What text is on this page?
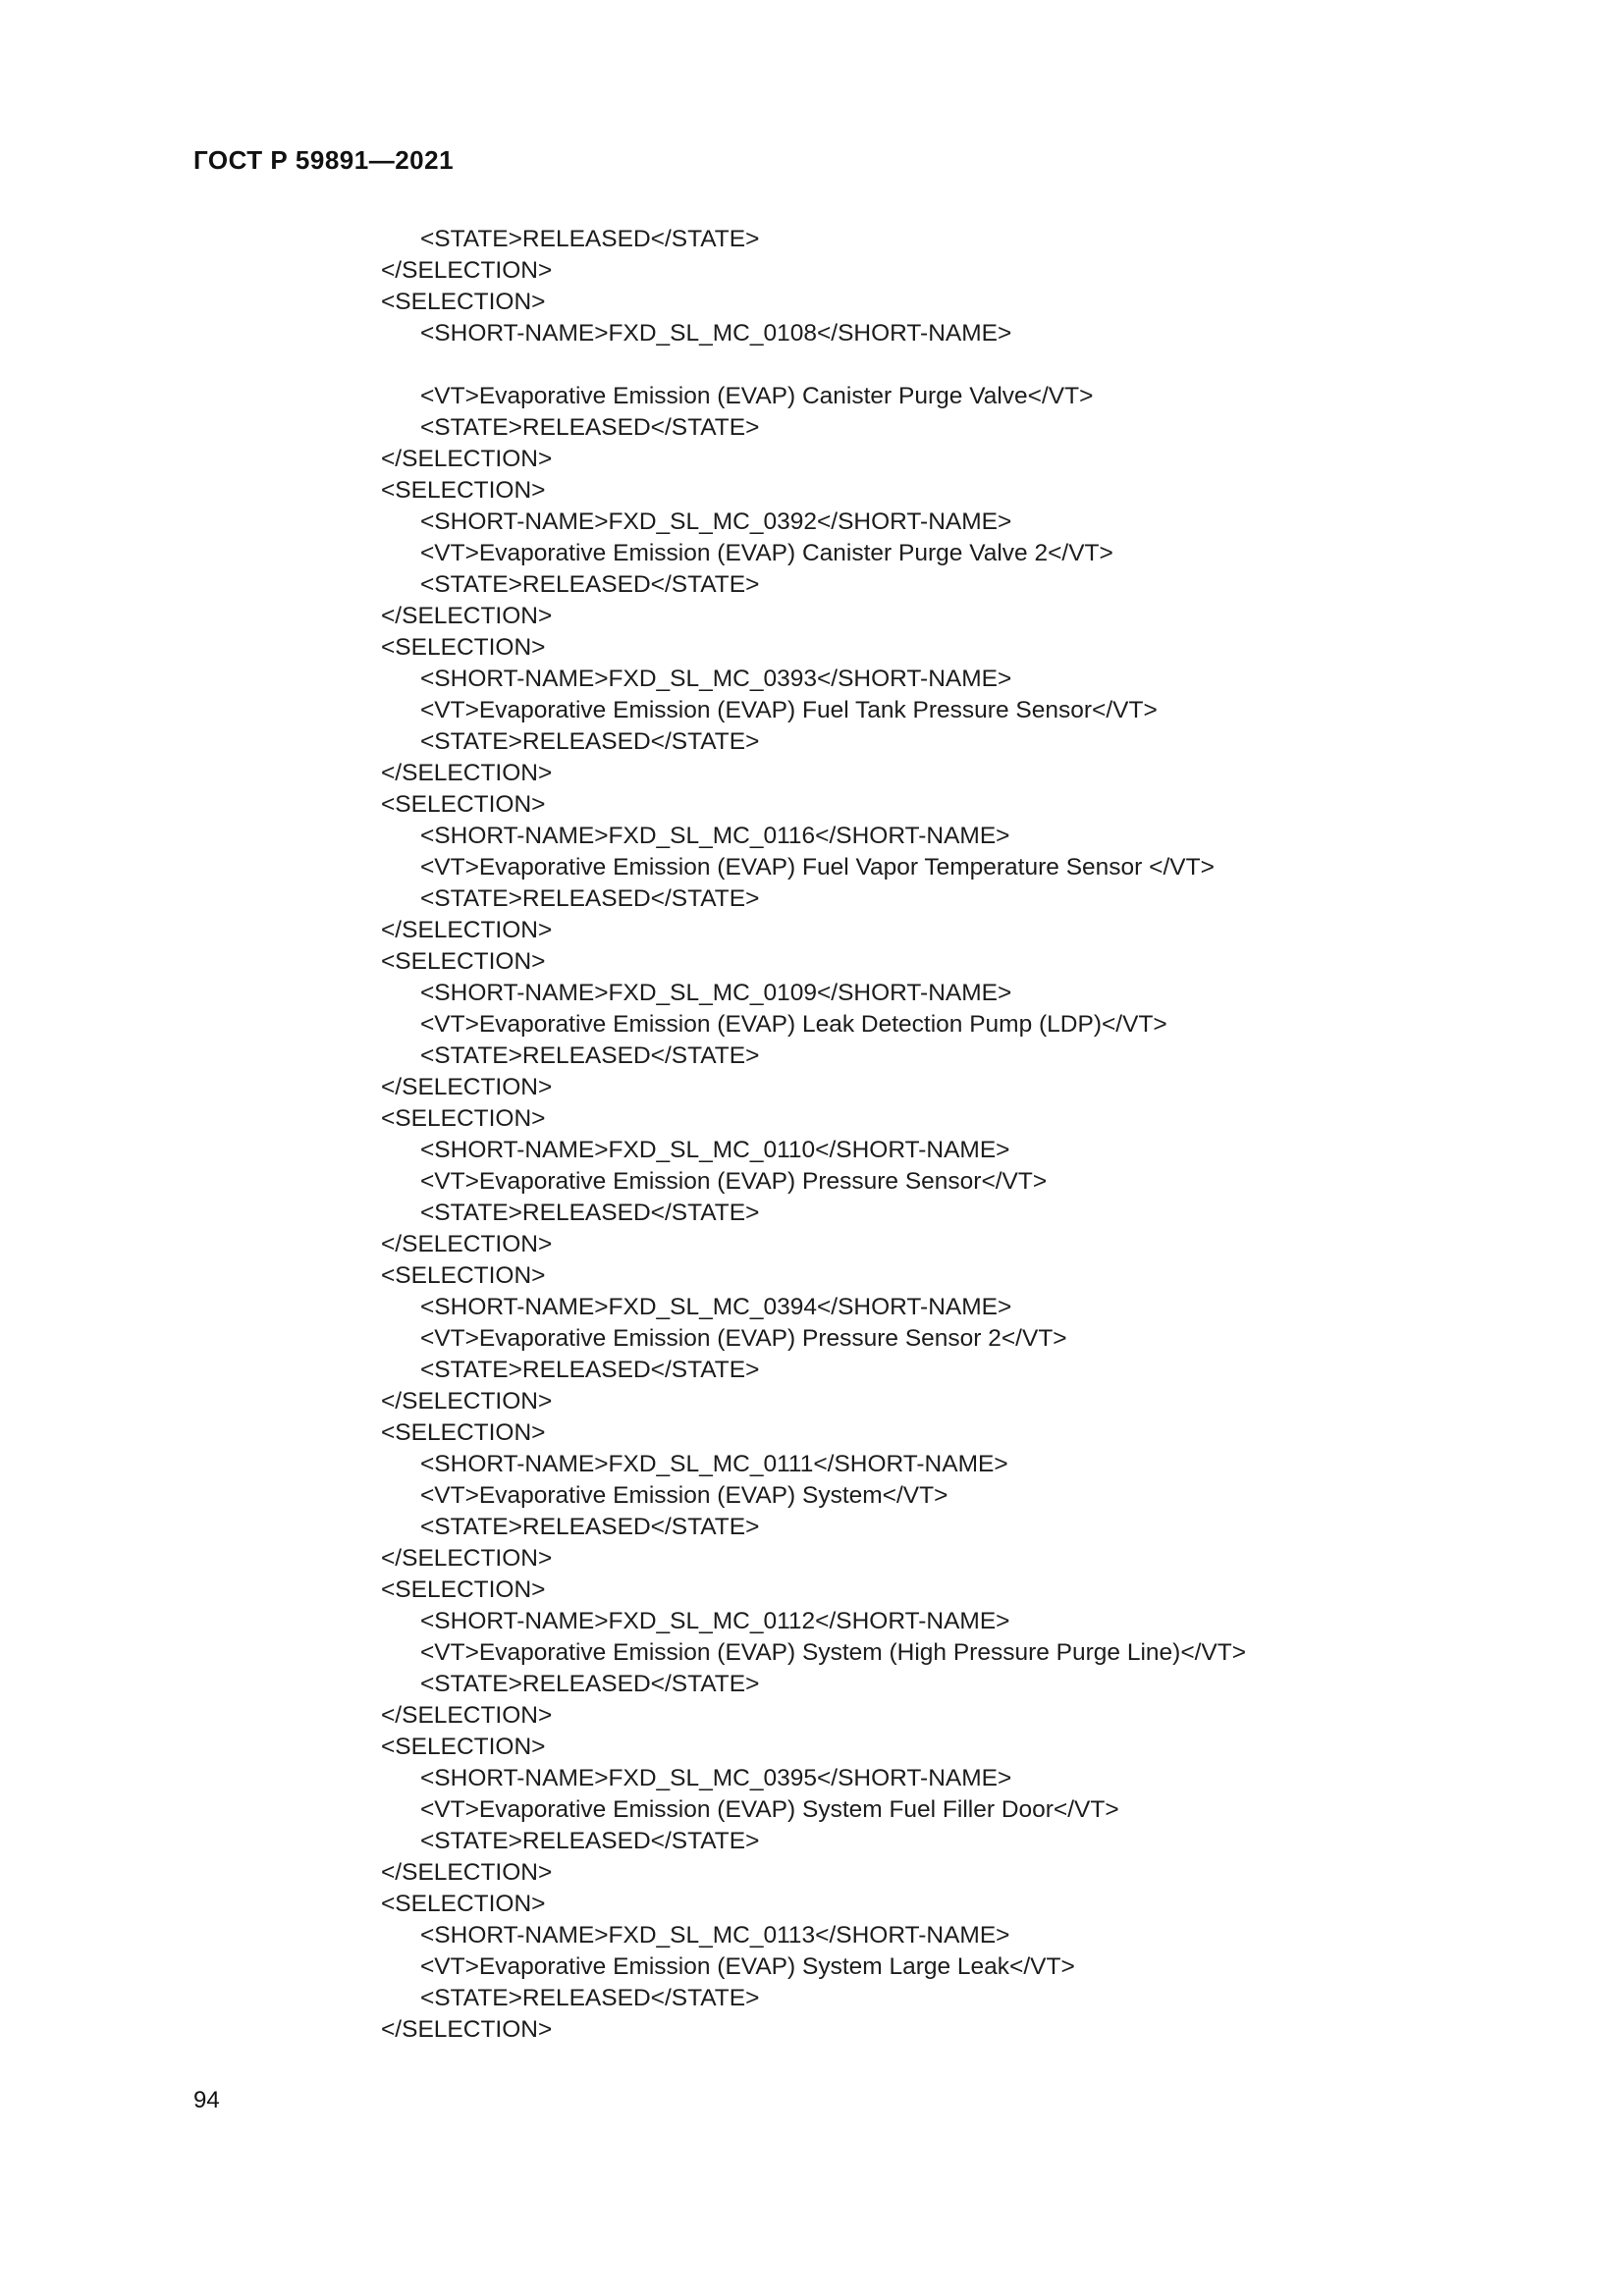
ГОСТ Р 59891—2021
<STATE>RELEASED</STATE>
</SELECTION>
<SELECTION>
<SHORT-NAME>FXD_SL_MC_0108</SHORT-NAME>
<VT>Evaporative Emission (EVAP) Canister Purge Valve</VT>
<STATE>RELEASED</STATE>
</SELECTION>
<SELECTION>
<SHORT-NAME>FXD_SL_MC_0392</SHORT-NAME>
<VT>Evaporative Emission (EVAP) Canister Purge Valve 2</VT>
<STATE>RELEASED</STATE>
</SELECTION>
<SELECTION>
<SHORT-NAME>FXD_SL_MC_0393</SHORT-NAME>
<VT>Evaporative Emission (EVAP) Fuel Tank Pressure Sensor</VT>
<STATE>RELEASED</STATE>
</SELECTION>
<SELECTION>
<SHORT-NAME>FXD_SL_MC_0116</SHORT-NAME>
<VT>Evaporative Emission (EVAP) Fuel Vapor Temperature Sensor </VT>
<STATE>RELEASED</STATE>
</SELECTION>
<SELECTION>
<SHORT-NAME>FXD_SL_MC_0109</SHORT-NAME>
<VT>Evaporative Emission (EVAP) Leak Detection Pump (LDP)</VT>
<STATE>RELEASED</STATE>
</SELECTION>
<SELECTION>
<SHORT-NAME>FXD_SL_MC_0110</SHORT-NAME>
<VT>Evaporative Emission (EVAP) Pressure Sensor</VT>
<STATE>RELEASED</STATE>
</SELECTION>
<SELECTION>
<SHORT-NAME>FXD_SL_MC_0394</SHORT-NAME>
<VT>Evaporative Emission (EVAP) Pressure Sensor 2</VT>
<STATE>RELEASED</STATE>
</SELECTION>
<SELECTION>
<SHORT-NAME>FXD_SL_MC_0111</SHORT-NAME>
<VT>Evaporative Emission (EVAP) System</VT>
<STATE>RELEASED</STATE>
</SELECTION>
<SELECTION>
<SHORT-NAME>FXD_SL_MC_0112</SHORT-NAME>
<VT>Evaporative Emission (EVAP) System (High Pressure Purge Line)</VT>
<STATE>RELEASED</STATE>
</SELECTION>
<SELECTION>
<SHORT-NAME>FXD_SL_MC_0395</SHORT-NAME>
<VT>Evaporative Emission (EVAP) System Fuel Filler Door</VT>
<STATE>RELEASED</STATE>
</SELECTION>
<SELECTION>
<SHORT-NAME>FXD_SL_MC_0113</SHORT-NAME>
<VT>Evaporative Emission (EVAP) System Large Leak</VT>
<STATE>RELEASED</STATE>
</SELECTION>
94
